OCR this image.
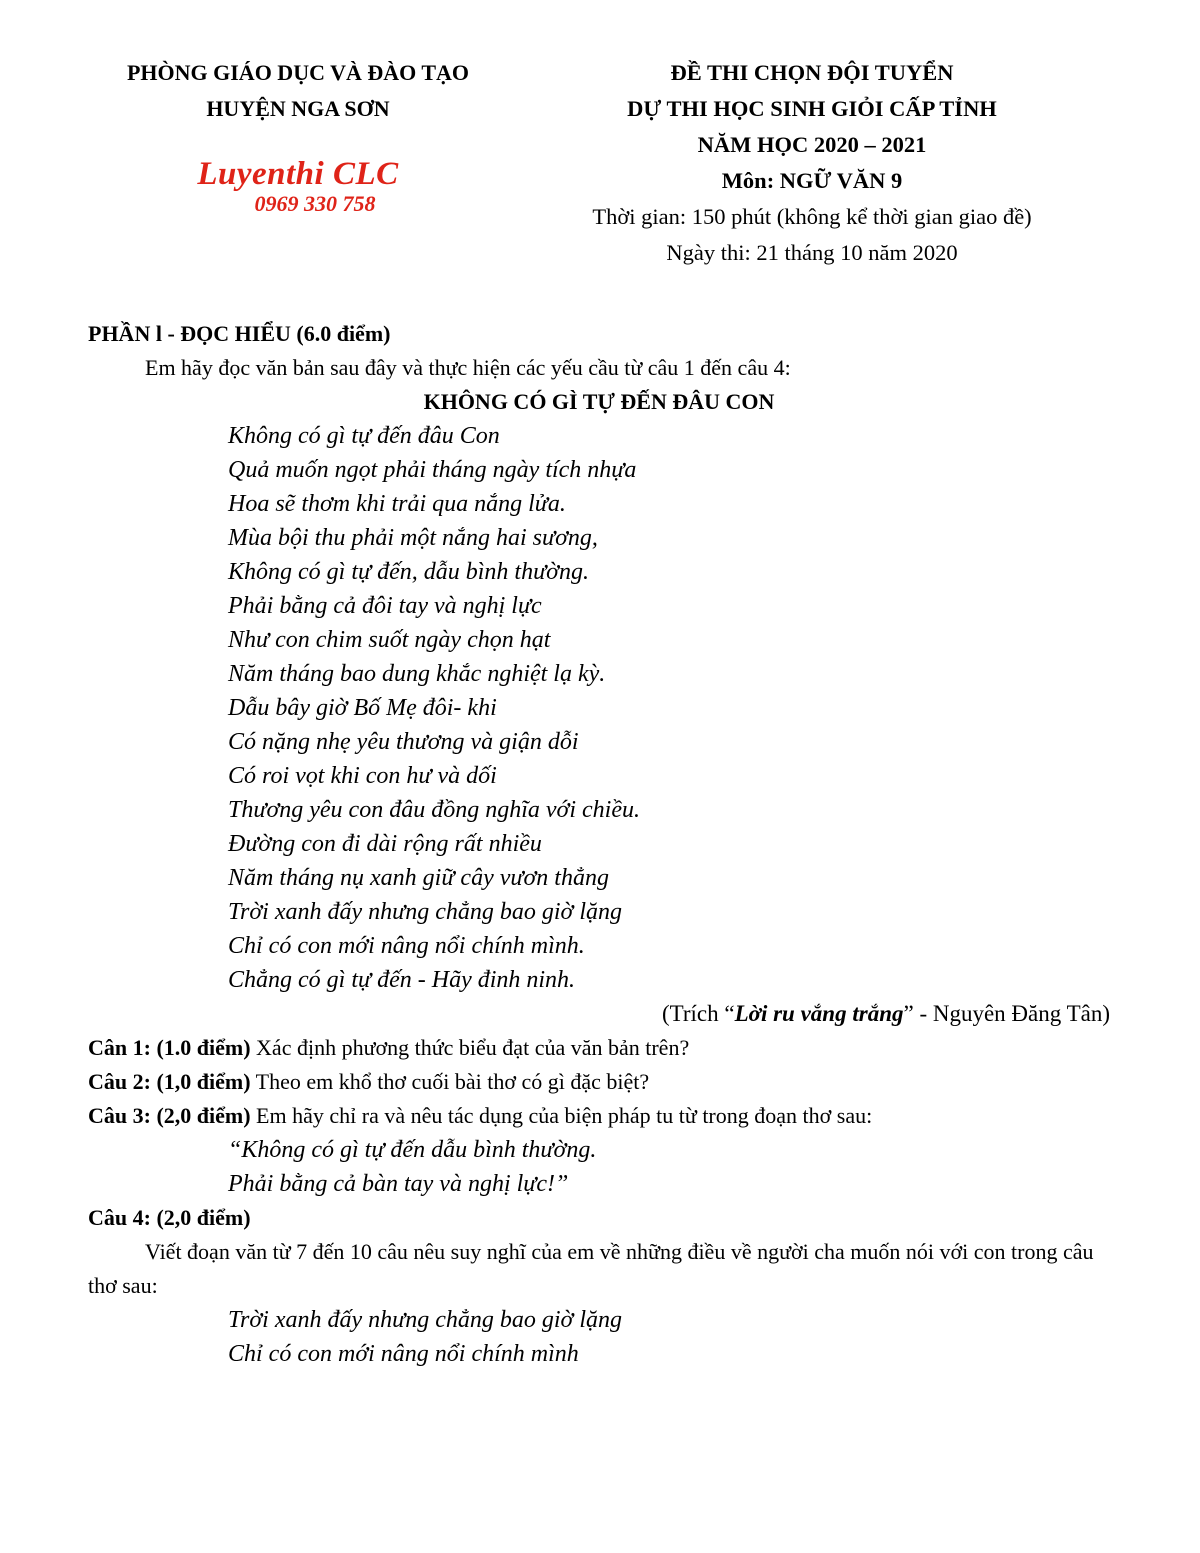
PHÒNG GIÁO DỤC VÀ ĐÀO TẠO
HUYỆN NGA SƠN
Luyenthi CLC
0969 330 758
ĐỀ THI CHỌN ĐỘI TUYỂN
DỰ THI HỌC SINH GIỎI CẤP TỈNH
NĂM HỌC 2020 – 2021
Môn: NGỮ VĂN 9
Thời gian: 150 phút (không kể thời gian giao đề)
Ngày thi: 21 tháng 10 năm 2020
PHẦN l - ĐỌC HIỂU (6.0 điểm)
Em hãy đọc văn bản sau đây và thực hiện các yếu cầu từ câu 1 đến câu 4:
KHÔNG CÓ GÌ TỰ ĐẾN ĐÂU CON
Không có gì tự đến đâu Con
Quả muốn ngọt phải tháng ngày tích nhựa
Hoa sẽ thơm khi trải qua nắng lửa.
Mùa bội thu phải một nắng hai sương,
Không có gì tự đến, dẫu bình thường.
Phải bằng cả đôi tay và nghị lực
Như con chim suốt ngày chọn hạt
Năm tháng bao dung khắc nghiệt lạ kỳ.
Dẫu bây giờ Bố Mẹ đôi- khi
Có nặng nhẹ yêu thương và giận dỗi
Có roi vọt khi con hư và dối
Thương yêu con đâu đồng nghĩa với chiều.
Đường con đi dài rộng rất nhiều
Năm tháng nụ xanh giữ cây vươn thẳng
Trời xanh đấy nhưng chẳng bao giờ lặng
Chỉ có con mới nâng nổi chính mình.
Chẳng có gì tự đến - Hãy đinh ninh.
(Trích “Lời ru vắng trắng” - Nguyên Đăng Tân)
Cân 1: (1.0 điểm) Xác định phương thức biểu đạt của văn bản trên?
Câu 2: (1,0 điểm) Theo em khổ thơ cuối bài thơ có gì đặc biệt?
Câu 3: (2,0 điểm) Em hãy chỉ ra và nêu tác dụng của biện pháp tu từ trong đoạn thơ sau:
“Không có gì tự đến dẫu bình thường.
Phải bằng cả bàn tay và nghị lực!”
Câu 4: (2,0 điểm)

Viết đoạn văn từ 7 đến 10 câu nêu suy nghĩ của em về những điều về người cha muốn nói với con trong câu thơ sau:

Trời xanh đấy nhưng chẳng bao giờ lặng
Chỉ có con mới nâng nổi chính mình
